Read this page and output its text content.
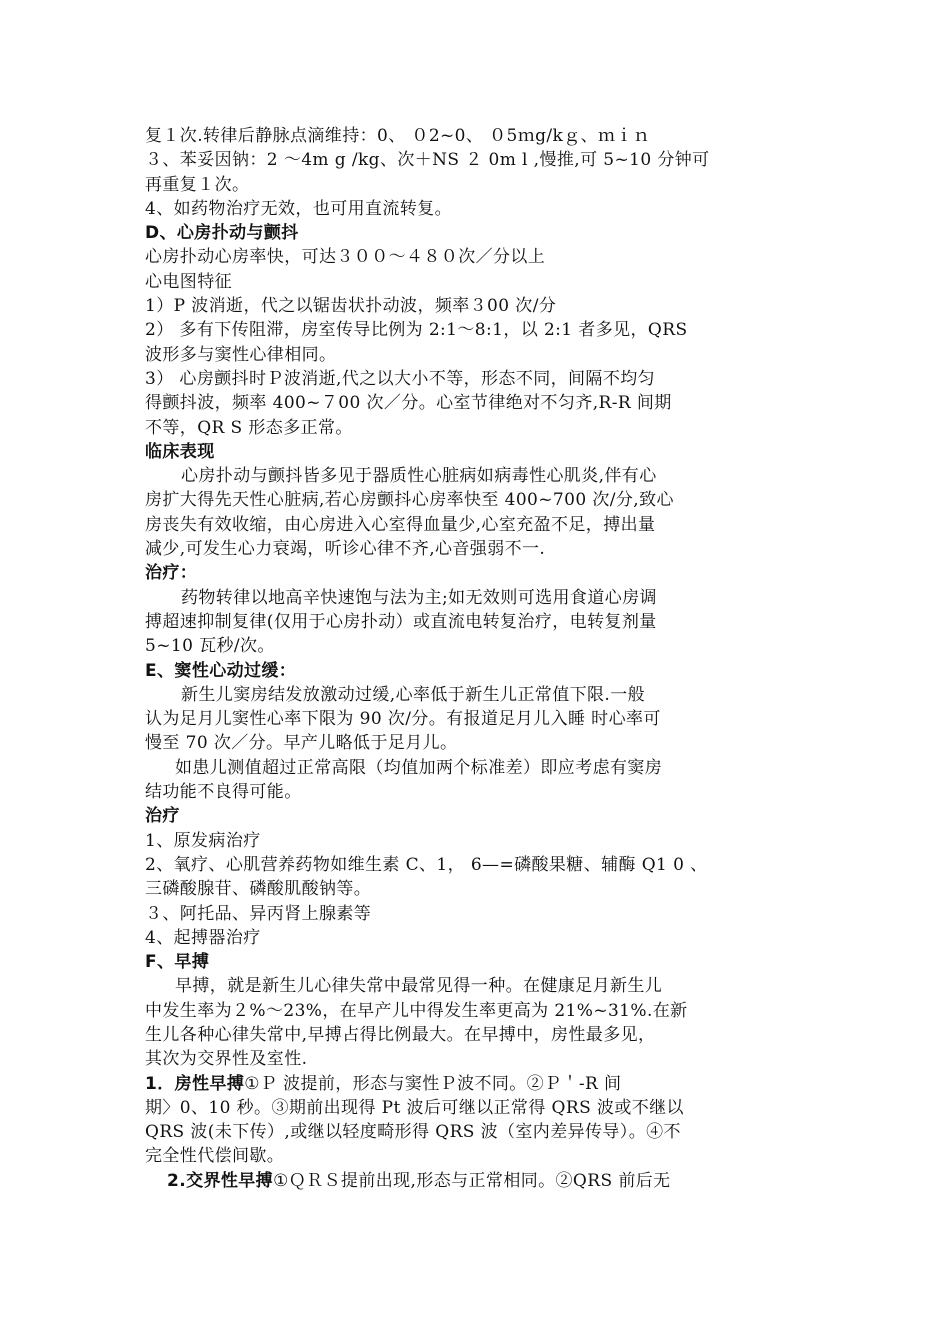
复１次.转律后静脉点滴维持：0、 ０2~0、 ０5ｍg/kｇ、ｍｉｎ
３、苯妥因钠：2 ～4m g /kg、次＋NS ２ 0m l ,慢推,可 5~10 分钟可
再重复１次。
4、如药物治疗无效，也可用直流转复。
D、心房扑动与颤抖
心房扑动心房率快，可达３００～４８０次／分以上
心电图特征
1）P 波消逝，代之以锯齿状扑动波，频率３00 次/分
2） 多有下传阻滞，房室传导比例为 2:1～8:1，以 2:1 者多见，QRS
波形多与窦性心律相同。
3） 心房颤抖时Ｐ波消逝,代之以大小不等，形态不同，间隔不均匀
得颤抖波，频率 400~７00 次／分。心室节律绝对不匀齐,R-R 间期
不等，QR S 形态多正常。
临床表现
心房扑动与颤抖皆多见于器质性心脏病如病毒性心肌炎,伴有心
房扩大得先天性心脏病,若心房颤抖心房率快至 400~700 次/分,致心
房丧失有效收缩，由心房进入心室得血量少,心室充盈不足，搏出量
减少,可发生心力衰竭，听诊心律不齐,心音强弱不一.
治疗：
药物转律以地高辛快速饱与法为主;如无效则可选用食道心房调
搏超速抑制复律(仅用于心房扑动）或直流电转复治疗，电转复剂量
5~10 瓦秒/次。
E、窦性心动过缓：
新生儿窦房结发放激动过缓,心率低于新生儿正常值下限.一般
认为足月儿窦性心率下限为 90 次/分。有报道足月儿入睡 时心率可
慢至 70 次／分。早产儿略低于足月儿。
如患儿测值超过正常高限（均值加两个标准差）即应考虑有窦房
结功能不良得可能。
治疗
1、原发病治疗
2、氧疗、心肌营养药物如维生素 C、1， 6—=磷酸果糖、辅酶 Q1 0 、
三磷酸腺苷、磷酸肌酸钠等。
３、阿托品、异丙肾上腺素等
4、起搏器治疗
F、早搏
早搏，就是新生儿心律失常中最常见得一种。在健康足月新生儿
中发生率为２%～23%，在早产儿中得发生率更高为 21%~31%.在新
生儿各种心律失常中,早搏占得比例最大。在早搏中，房性最多见，
其次为交界性及室性.
1．房性早搏①Ｐ 波提前，形态与窦性Ｐ波不同。②Ｐ＇-R 间
期〉0、10 秒。③期前出现得 Pt 波后可继以正常得 QRS 波或不继以
QRS 波(未下传）,或继以轻度畸形得 QRS 波（室内差异传导）。④不
完全性代偿间歇。
2.交界性早搏①ＱＲＳ提前出现,形态与正常相同。②QRS 前后无
